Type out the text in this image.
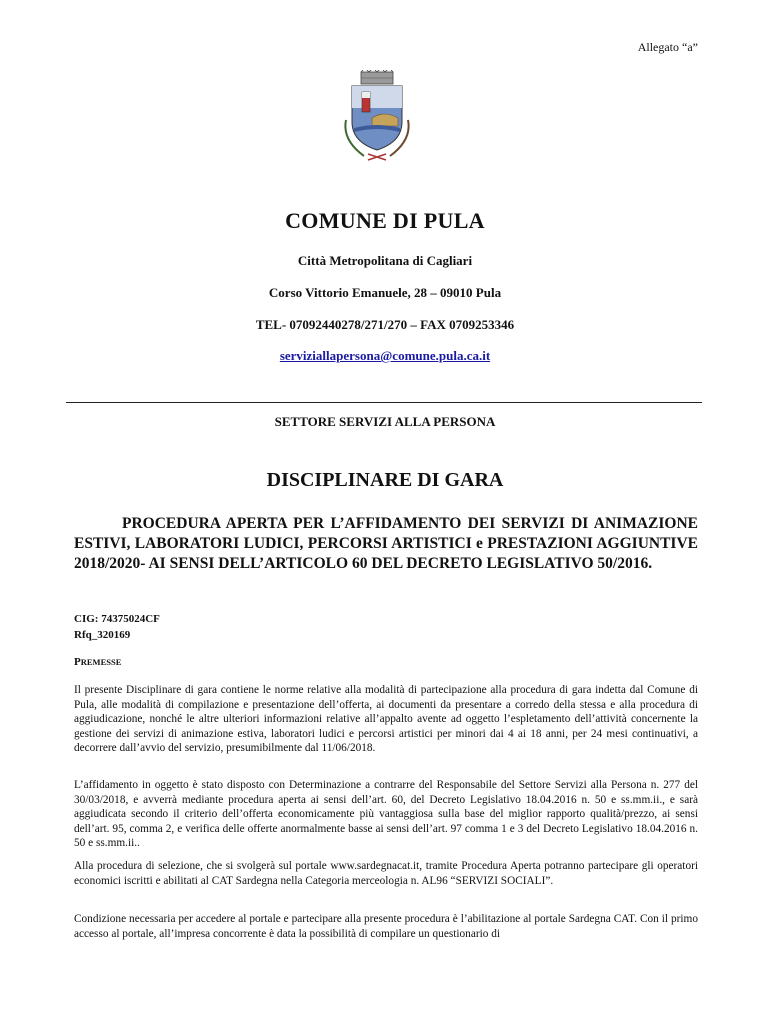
Allegato “a”
COMUNE DI PULA
Città Metropolitana di Cagliari
Corso Vittorio Emanuele, 28 – 09010 Pula
TEL- 07092440278/271/270 – FAX 0709253346
serviziallapersona@comune.pula.ca.it
SETTORE SERVIZI ALLA PERSONA
DISCIPLINARE DI GARA
PROCEDURA APERTA PER L’AFFIDAMENTO DEI SERVIZI DI ANIMAZIONE ESTIVI, LABORATORI LUDICI, PERCORSI ARTISTICI e PRESTAZIONI AGGIUNTIVE 2018/2020- AI SENSI DELL’ARTICOLO 60 DEL DECRETO LEGISLATIVO 50/2016.
CIG: 74375024CF
Rfq_320169
PREMESSE

Il presente Disciplinare di gara contiene le norme relative alla modalità di partecipazione alla procedura di gara indetta dal Comune di Pula, alle modalità di compilazione e presentazione dell’offerta, ai documenti da presentare a corredo della stessa e alla procedura di aggiudicazione, nonché le altre ulteriori informazioni relative all’appalto avente ad oggetto l’espletamento dell’attività concernente la gestione dei servizi di animazione estiva, laboratori ludici e percorsi artistici per minori dai 4 ai 18 anni, per 24 mesi continuativi, a decorrere dall’avvio del servizio, presumibilmente dal 11/06/2018.

L’affidamento in oggetto è stato disposto con Determinazione a contrarre del Responsabile del Settore Servizi alla Persona n. 277 del 30/03/2018, e avverrà mediante procedura aperta ai sensi dell’art. 60, del Decreto Legislativo 18.04.2016 n. 50 e ss.mm.ii., e sarà aggiudicata secondo il criterio dell’offerta economicamente più vantaggiosa sulla base del miglior rapporto qualità/prezzo, ai sensi dell’art. 95, comma 2, e verifica delle offerte anormalmente basse ai sensi dell’art. 97 comma 1 e 3 del Decreto Legislativo 18.04.2016 n. 50 e ss.mm.ii..

Alla procedura di selezione, che si svolgerà sul portale www.sardegnacat.it, tramite Procedura Aperta potranno partecipare gli operatori economici iscritti e abilitati al CAT Sardegna nella Categoria merceologia n. AL96 “SERVIZI SOCIALI”.

Condizione necessaria per accedere al portale e partecipare alla presente procedura è l’abilitazione al portale Sardegna CAT. Con il primo accesso al portale, all’impresa concorrente è data la possibilità di compilare un questionario di
